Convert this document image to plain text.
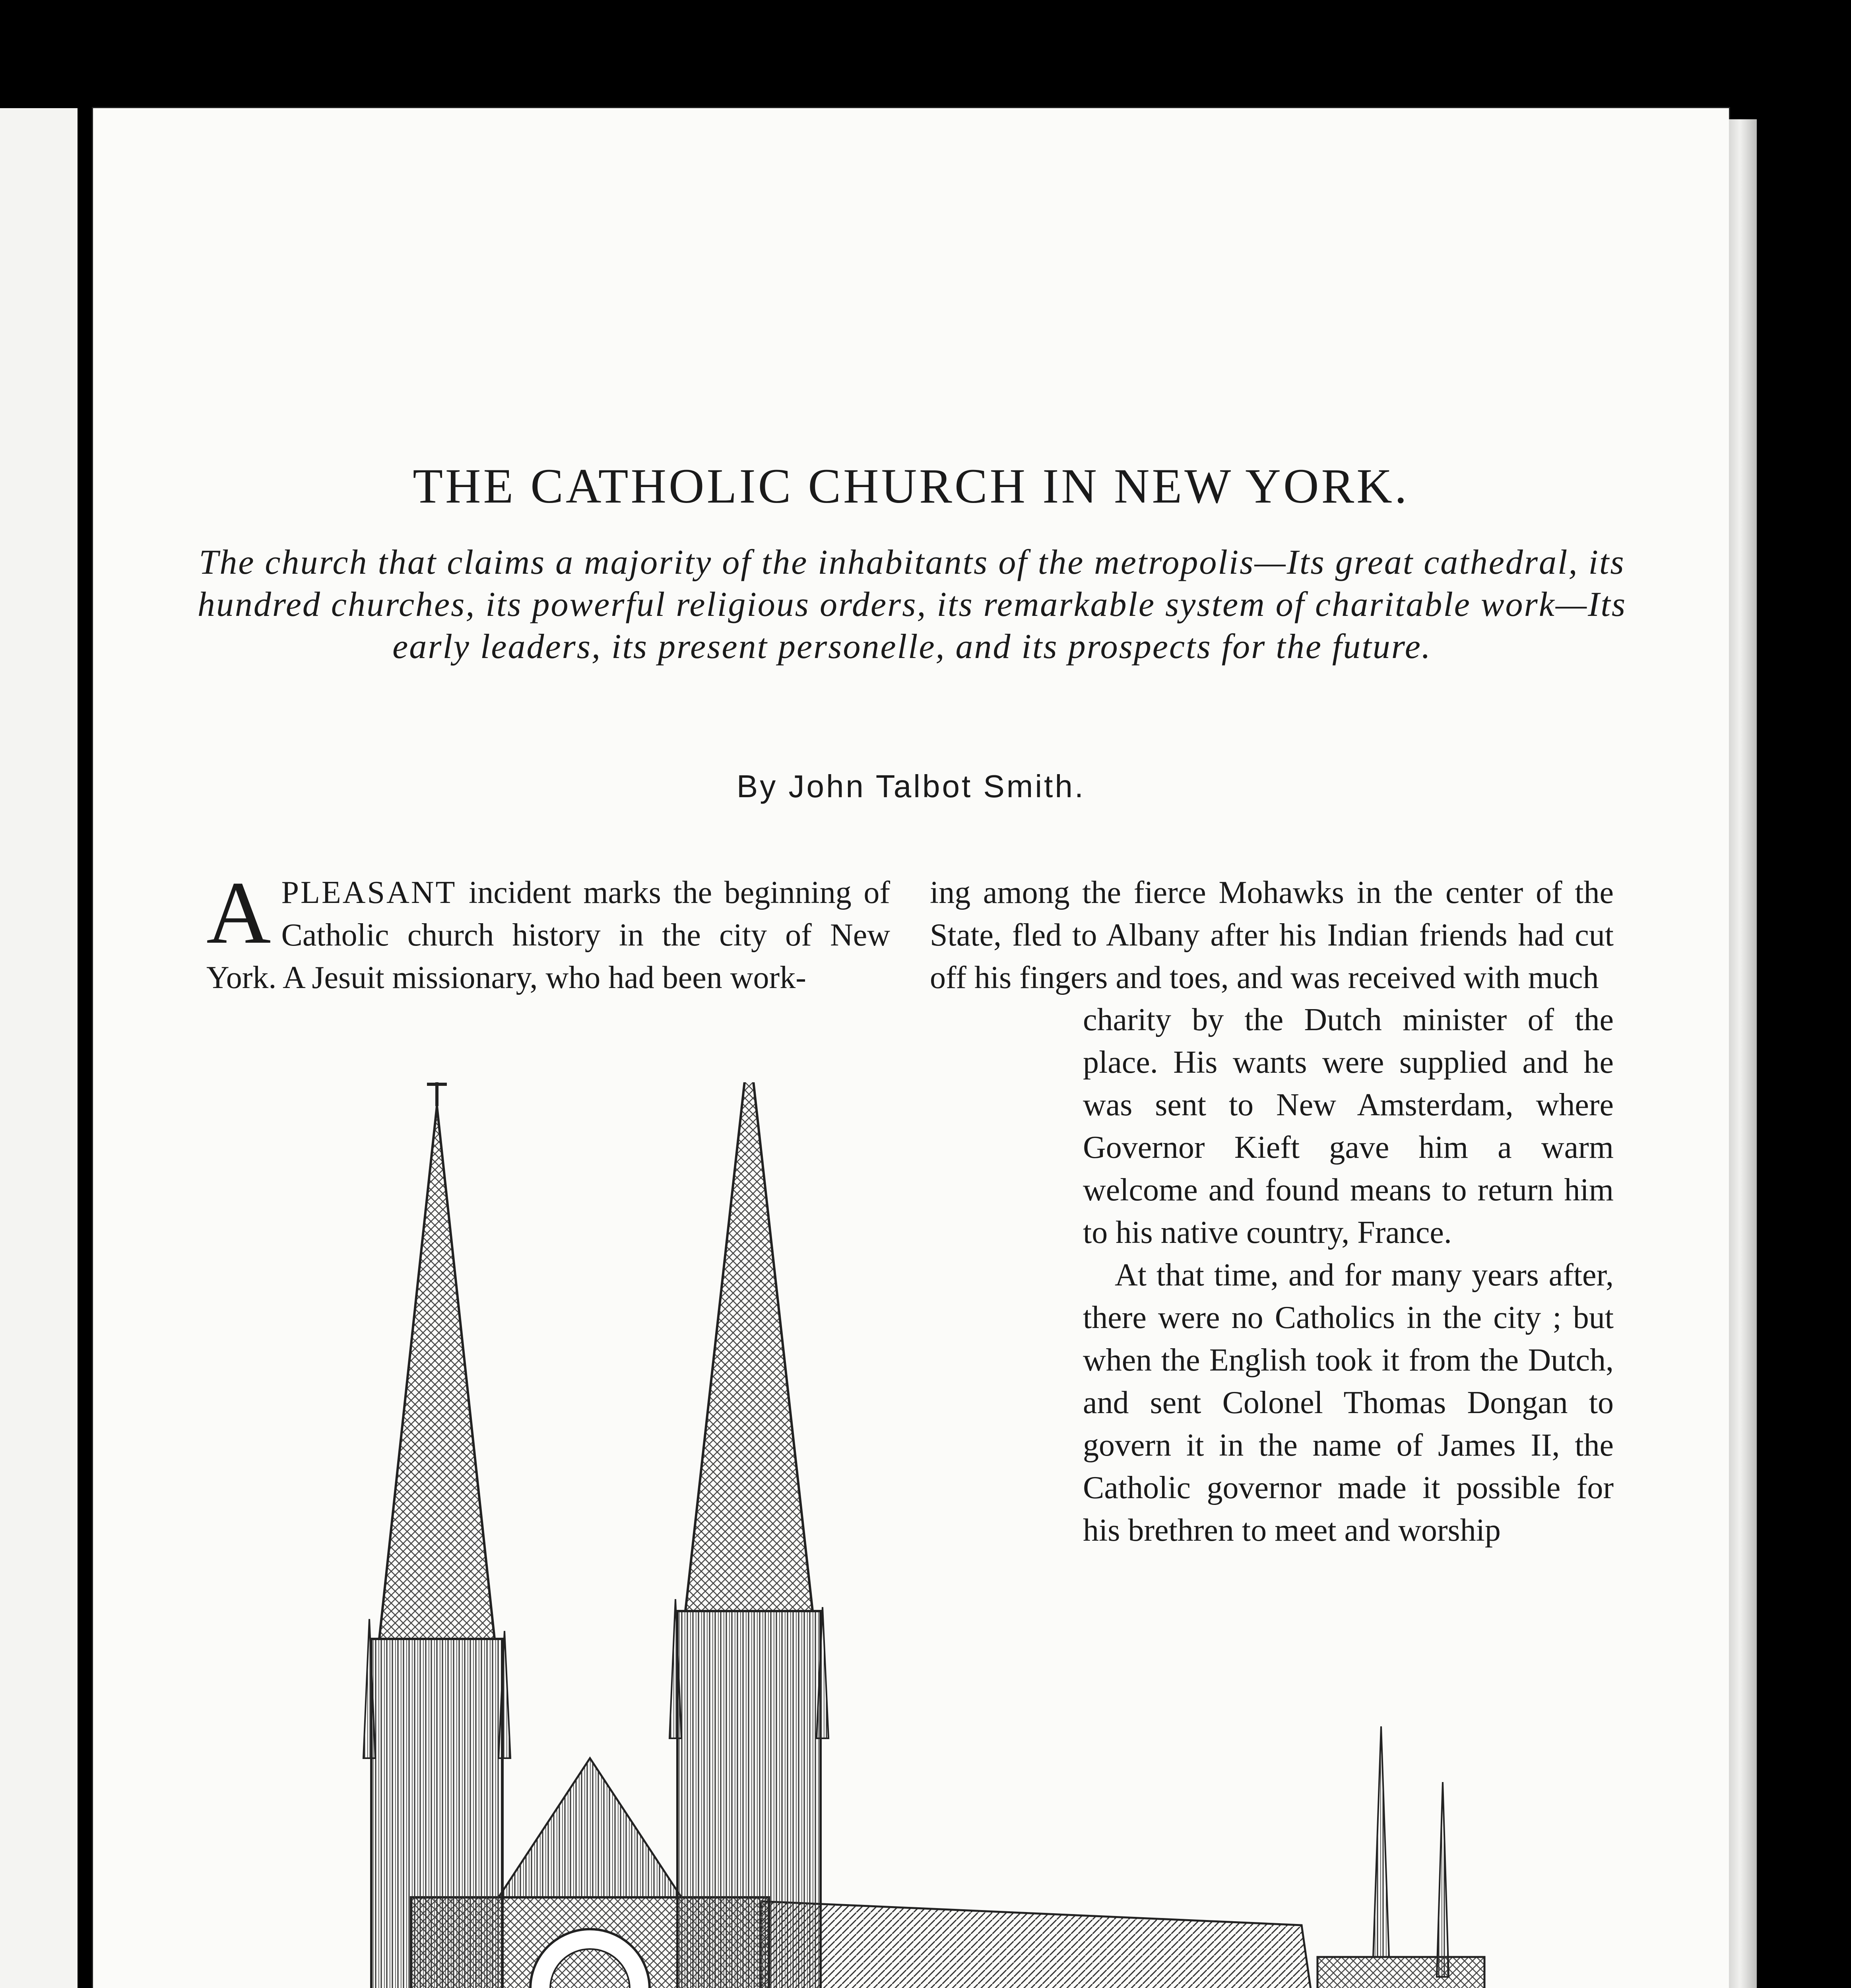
THE CATHOLIC CHURCH IN NEW YORK.
The church that claims a majority of the inhabitants of the metropolis—Its great cathedral, its hundred churches, its powerful religious orders, its remarkable system of charitable work—Its early leaders, its present personelle, and its prospects for the future.
By John Talbot Smith.

APLEASANT incident marks the beginning of Catholic church history in the city of New York. A Jesuit missionary, who had been work-

ing among the fierce Mohawks in the center of the State, fled to Albany after his Indian friends had cut off his fingers and toes, and was received with much

charity by the Dutch minister of the place. His wants were supplied and he was sent to New Amsterdam, where Governor Kieft gave him a warm welcome and found means to return him to his native country, France.

At that time, and for many years after, there were no Catholics in the city ; but when the English took it from the Dutch, and sent Colonel Thomas Dongan to govern it in the name of James II, the Catholic governor made it possible for his brethren to meet and worship
